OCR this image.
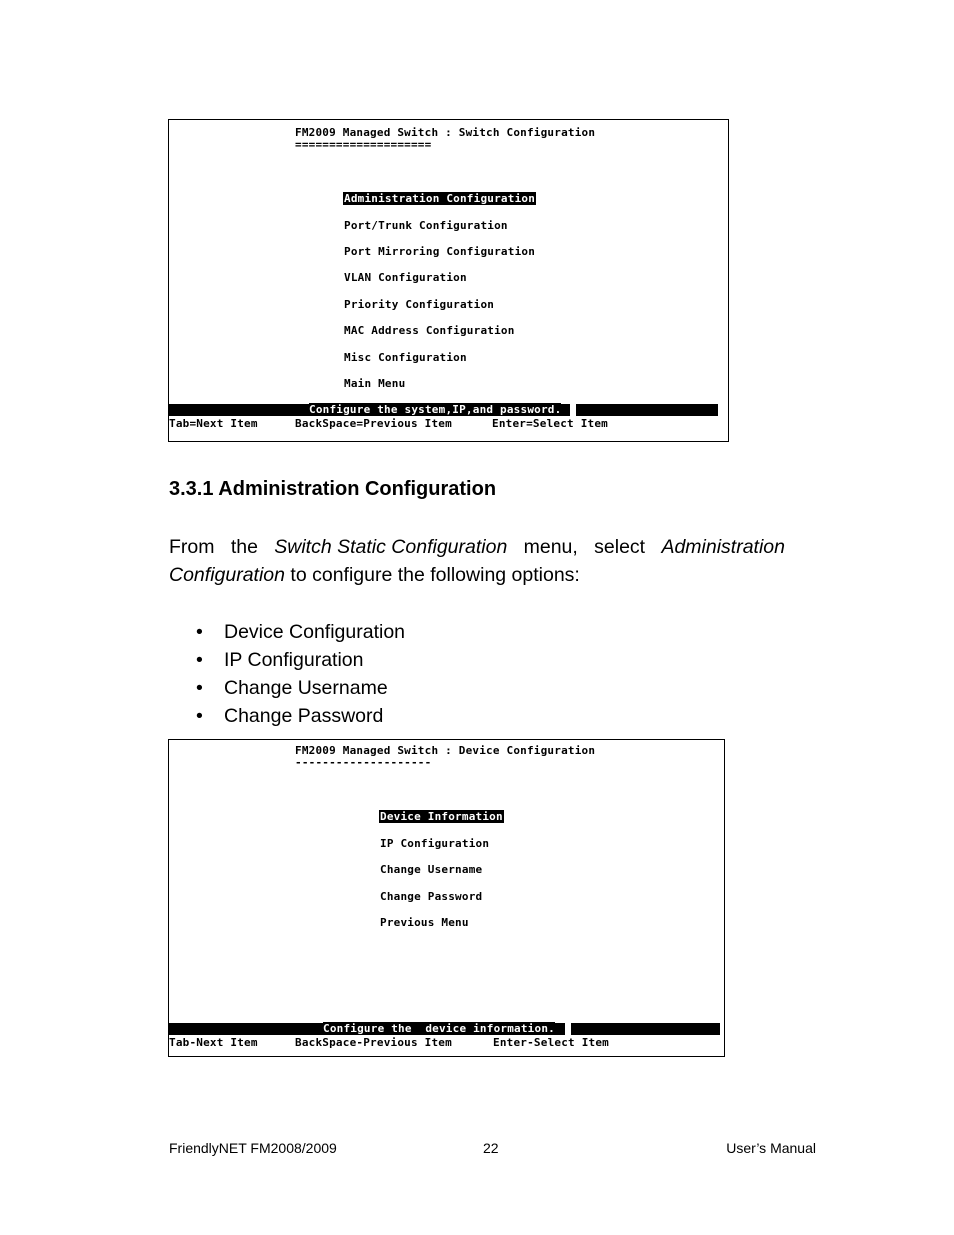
FM2009 Managed Switch : Switch Configuration
====================
Administration Configuration
Port/Trunk Configuration
Port Mirroring Configuration
VLAN Configuration
Priority Configuration
MAC Address Configuration
Misc Configuration
Main Menu
Configure the system,IP,and password.
Tab=Next Item	BackSpace=Previous Item	Enter=Select Item
3.3.1 Administration Configuration
From the Switch Static Configuration menu, select Administration
Configuration to configure the following options:
•	Device Configuration
•	IP Configuration
•	Change Username
•	Change Password
FM2009 Managed Switch : Device Configuration
--------------------
Device Information
IP Configuration
Change Username
Change Password
Previous Menu
Configure the  device information.
Tab-Next Item	BackSpace-Previous Item	Enter-Select Item
FriendlyNET FM2008/2009	22	User’s Manual
